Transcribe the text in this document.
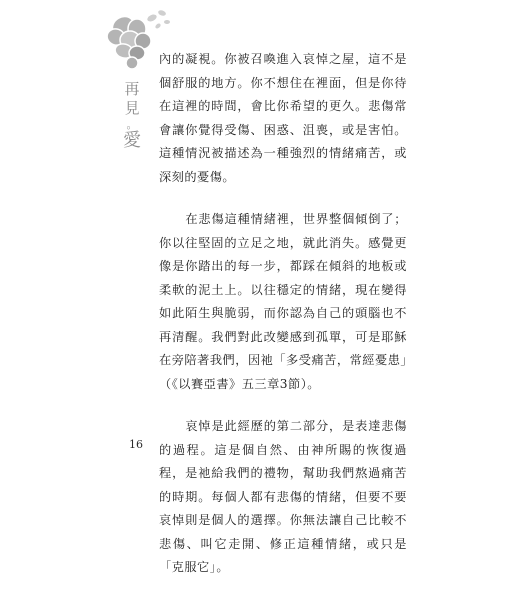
再
見
。
愛

內的凝視。你被召喚進入哀悼之屋，這不是個舒服的地方。你不想住在裡面，但是你待在這裡的時間，會比你希望的更久。悲傷常會讓你覺得受傷、困惑、沮喪，或是害怕。這種情況被描述為一種強烈的情緒痛苦，或深刻的憂傷。

在悲傷這種情緒裡，世界整個傾倒了；你以往堅固的立足之地，就此消失。感覺更像是你踏出的每一步，都踩在傾斜的地板或柔軟的泥土上。以往穩定的情緒，現在變得如此陌生與脆弱，而你認為自己的頭腦也不再清醒。我們對此改變感到孤單，可是耶穌在旁陪著我們，因祂「多受痛苦，常經憂患」（《以賽亞書》五三章3節）。

哀悼是此經歷的第二部分，是表達悲傷的過程。這是個自然、由神所賜的恢復過程，是祂給我們的禮物，幫助我們熬過痛苦的時期。每個人都有悲傷的情緒，但要不要哀悼則是個人的選擇。你無法讓自己比較不悲傷、叫它走開、修正這種情緒，或只是「克服它」。

16
